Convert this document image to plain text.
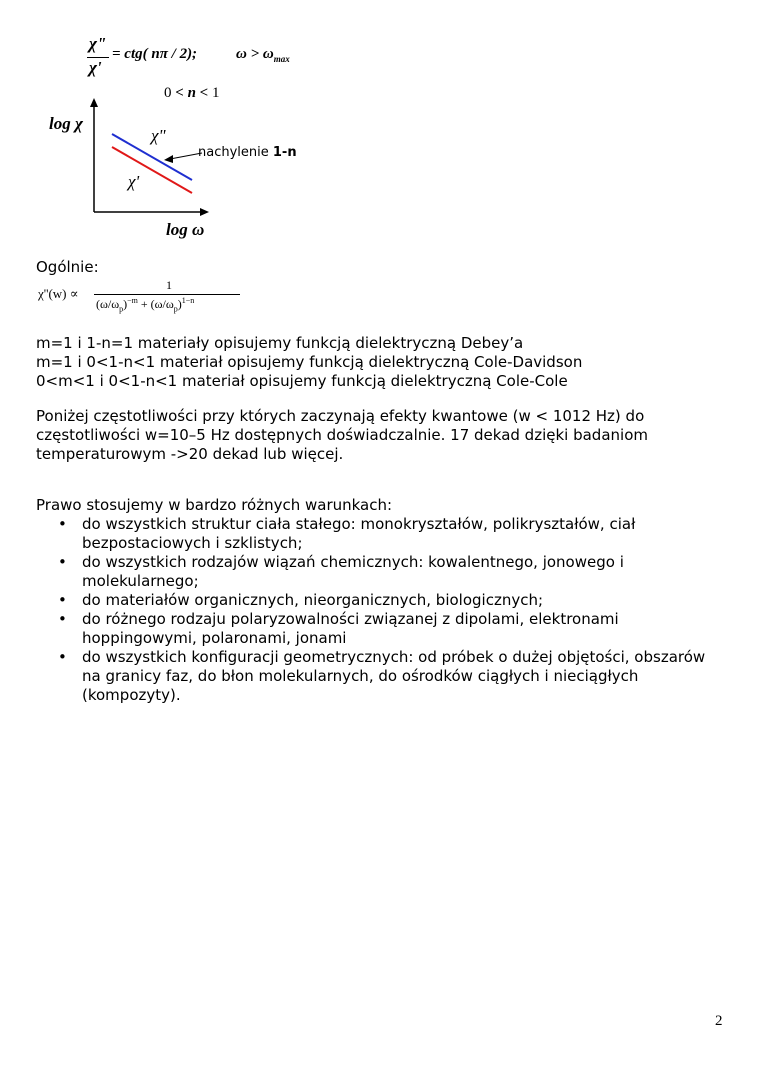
χ"
χ'
= ctg( nπ / 2);	$\omega > \omega_{max}$
0 < n < 1
log χ
χ"
χ'
nachylenie 1-n
log ω
Ogólnie:
χ''(w) ∝
1
$(\omega/\omega_p)^{-m} + (\omega/\omega_p)^{1-n}$
m=1 i 1-n=1 materiały opisujemy funkcją dielektryczną Debey’a
m=1 i 0<1-n<1 materiał opisujemy funkcją dielektryczną Cole-Davidson
0<m<1 i 0<1-n<1 materiał opisujemy funkcją dielektryczną Cole-Cole
Poniżej częstotliwości przy których zaczynają efekty kwantowe (w < 1012 Hz) do częstotliwości w=10–5 Hz dostępnych doświadczalnie. 17 dekad dzięki badaniom temperaturowym ->20 dekad lub więcej.
Prawo stosujemy w bardzo różnych warunkach:
• do wszystkich struktur ciała stałego: monokryształów, polikryształów, ciał bezpostaciowych i szklistych;
• do wszystkich rodzajów wiązań chemicznych: kowalentnego, jonowego i molekularnego;
• do materiałów organicznych, nieorganicznych, biologicznych;
• do różnego rodzaju polaryzowalności związanej z dipolami, elektronami hoppingowymi, polaronami, jonami
• do wszystkich konfiguracji geometrycznych: od próbek o dużej objętości, obszarów na granicy faz, do błon molekularnych, do ośrodków ciągłych i nieciągłych (kompozyty).
2
